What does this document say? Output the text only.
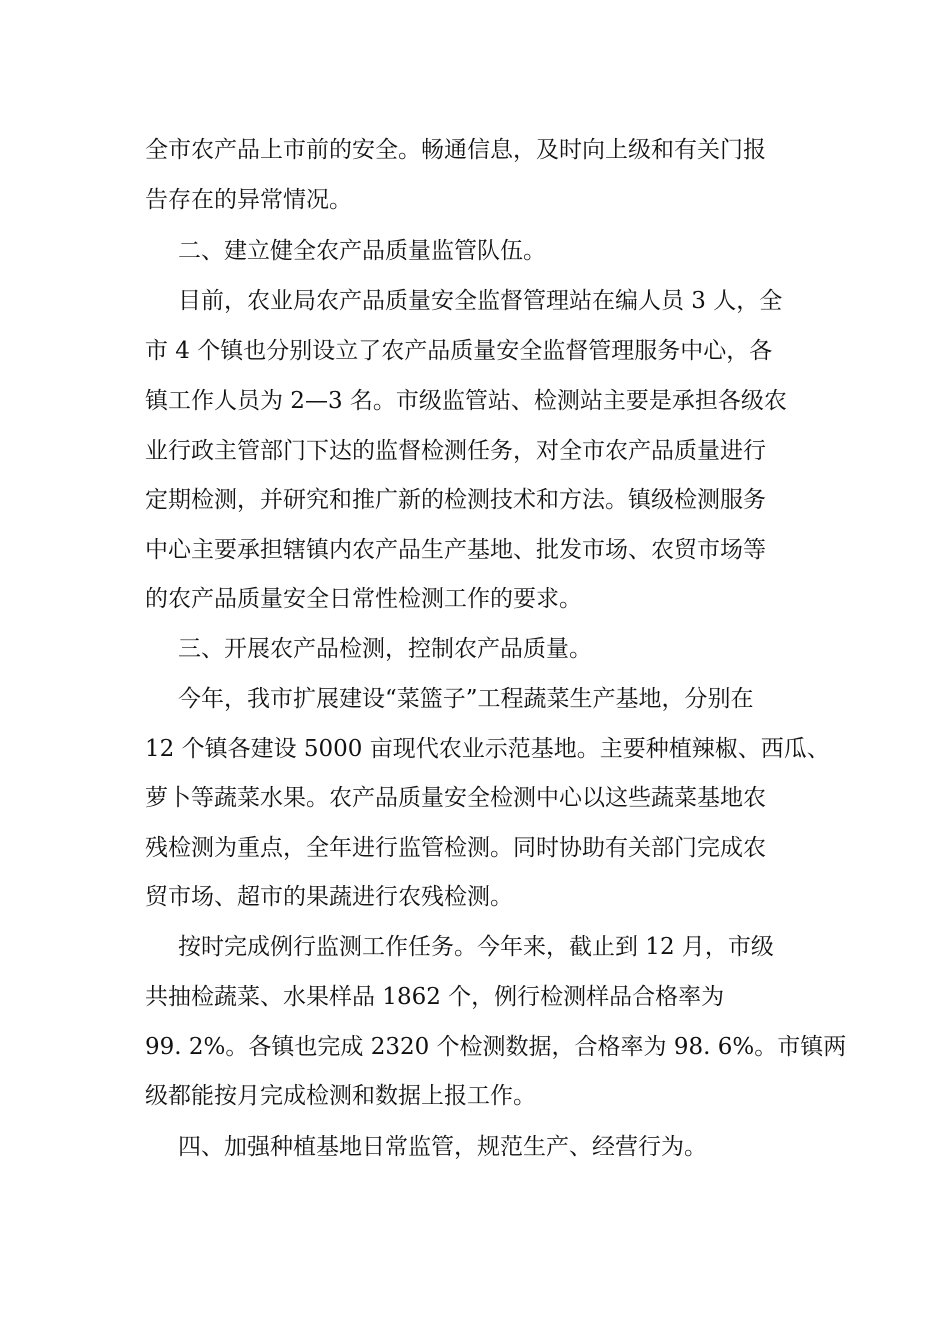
全市农产品上市前的安全。畅通信息，及时向上级和有关门报
告存在的异常情况。
二、建立健全农产品质量监管队伍。
目前，农业局农产品质量安全监督管理站在编人员 3 人，全
市 4 个镇也分别设立了农产品质量安全监督管理服务中心，各
镇工作人员为 2—3 名。市级监管站、检测站主要是承担各级农
业行政主管部门下达的监督检测任务，对全市农产品质量进行
定期检测，并研究和推广新的检测技术和方法。镇级检测服务
中心主要承担辖镇内农产品生产基地、批发市场、农贸市场等
的农产品质量安全日常性检测工作的要求。
三、开展农产品检测，控制农产品质量。
今年，我市扩展建设“菜篮子”工程蔬菜生产基地，分别在
12 个镇各建设 5000 亩现代农业示范基地。主要种植辣椒、西瓜、
萝卜等蔬菜水果。农产品质量安全检测中心以这些蔬菜基地农
残检测为重点，全年进行监管检测。同时协助有关部门完成农
贸市场、超市的果蔬进行农残检测。
按时完成例行监测工作任务。今年来，截止到 12 月，市级
共抽检蔬菜、水果样品 1862 个，例行检测样品合格率为
99. 2%。各镇也完成 2320 个检测数据，合格率为 98. 6%。市镇两
级都能按月完成检测和数据上报工作。
四、加强种植基地日常监管，规范生产、经营行为。
